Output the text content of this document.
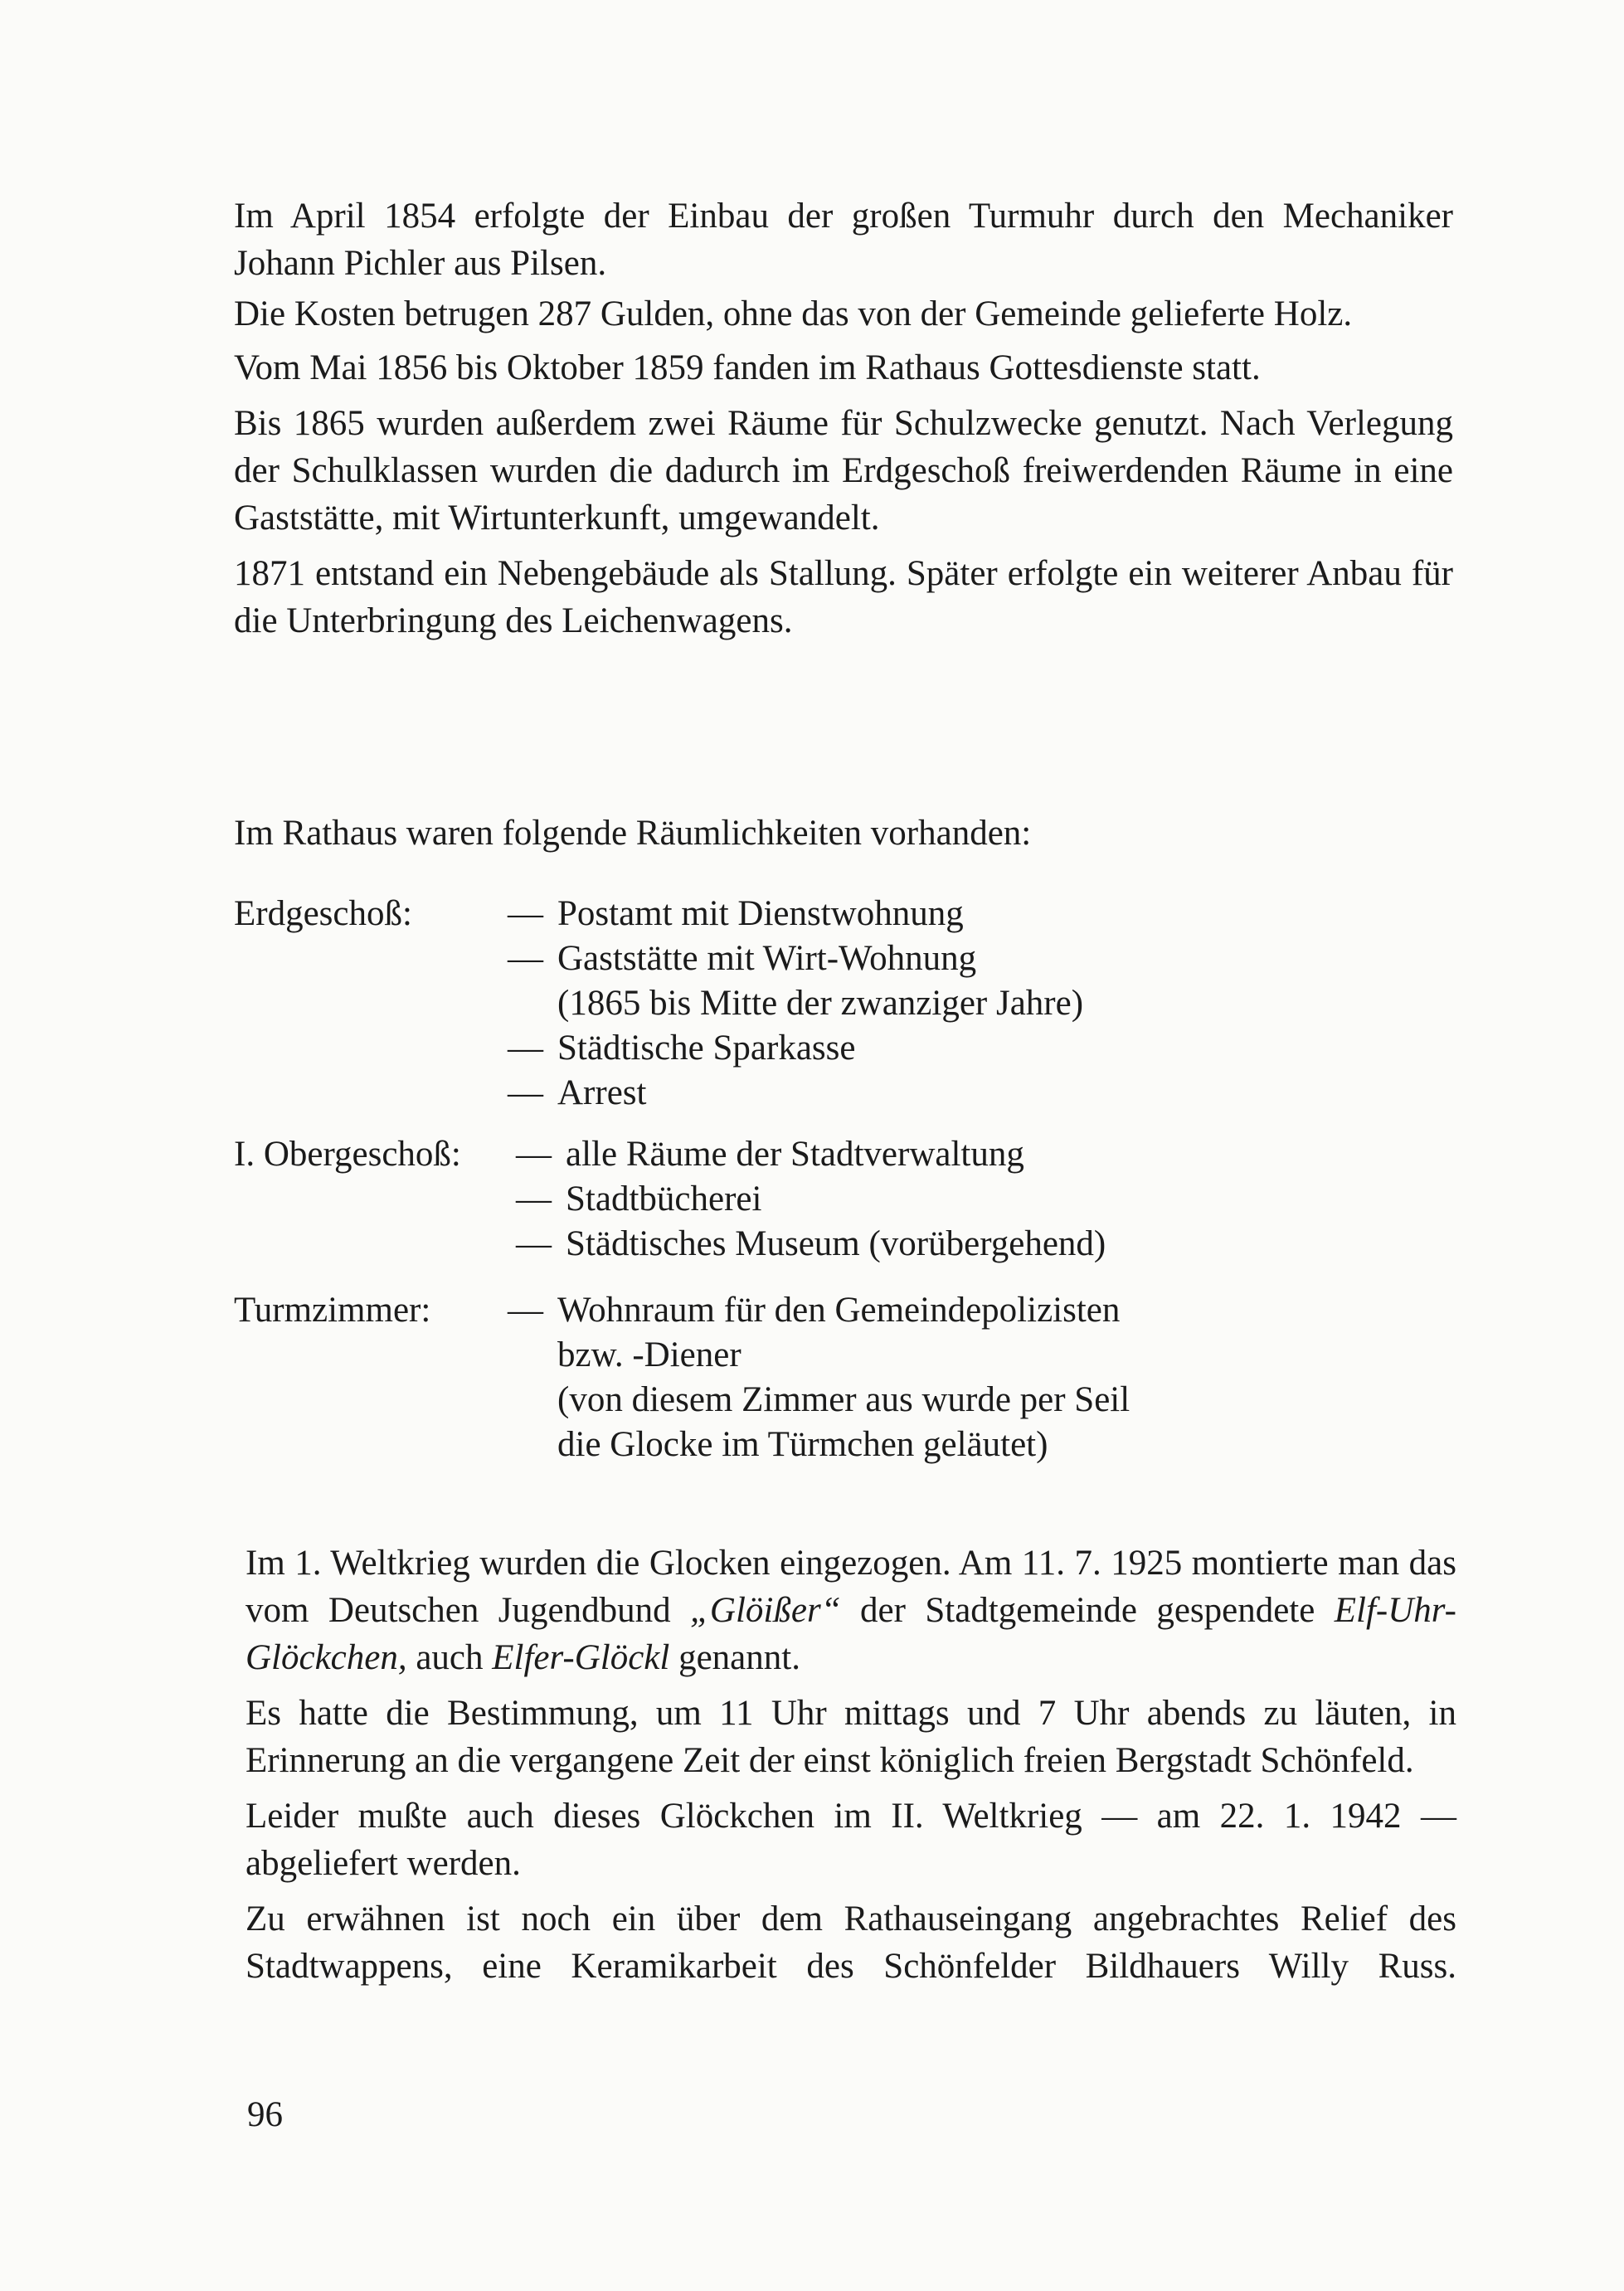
Im April 1854 erfolgte der Einbau der großen Turmuhr durch den Mechaniker Johann Pichler aus Pilsen.

Die Kosten betrugen 287 Gulden, ohne das von der Gemeinde gelieferte Holz.

Vom Mai 1856 bis Oktober 1859 fanden im Rathaus Gottesdienste statt.

Bis 1865 wurden außerdem zwei Räume für Schulzwecke genutzt. Nach Verlegung der Schulklassen wurden die dadurch im Erdgeschoß freiwerdenden Räume in eine Gaststätte, mit Wirtunterkunft, umgewandelt.

1871 entstand ein Nebengebäude als Stallung. Später erfolgte ein weiterer Anbau für die Unterbringung des Leichenwagens.

Im Rathaus waren folgende Räumlichkeiten vorhanden:

Erdgeschoß:	— Postamt mit Dienstwohnung
— Gaststätte mit Wirt-Wohnung
(1865 bis Mitte der zwanziger Jahre)
— Städtische Sparkasse
— Arrest
I. Obergeschoß: — alle Räume der Stadtverwaltung
— Stadtbücherei
— Städtisches Museum (vorübergehend)
Turmzimmer: — Wohnraum für den Gemeindepolizisten
bzw. -Diener
(von diesem Zimmer aus wurde per Seil
die Glocke im Türmchen geläutet)

Im 1. Weltkrieg wurden die Glocken eingezogen. Am 11. 7. 1925 montierte man das vom Deutschen Jugendbund „Glöißer“ der Stadtgemeinde gespendete Elf-Uhr-Glöckchen, auch Elfer-Glöckl genannt.

Es hatte die Bestimmung, um 11 Uhr mittags und 7 Uhr abends zu läuten, in Erinnerung an die vergangene Zeit der einst königlich freien Bergstadt Schönfeld.

Leider mußte auch dieses Glöckchen im II. Weltkrieg — am 22. 1. 1942 — abgeliefert werden.

Zu erwähnen ist noch ein über dem Rathauseingang angebrachtes Relief des Stadtwappens, eine Keramikarbeit des Schönfelder Bildhauers Willy Russ.

96
